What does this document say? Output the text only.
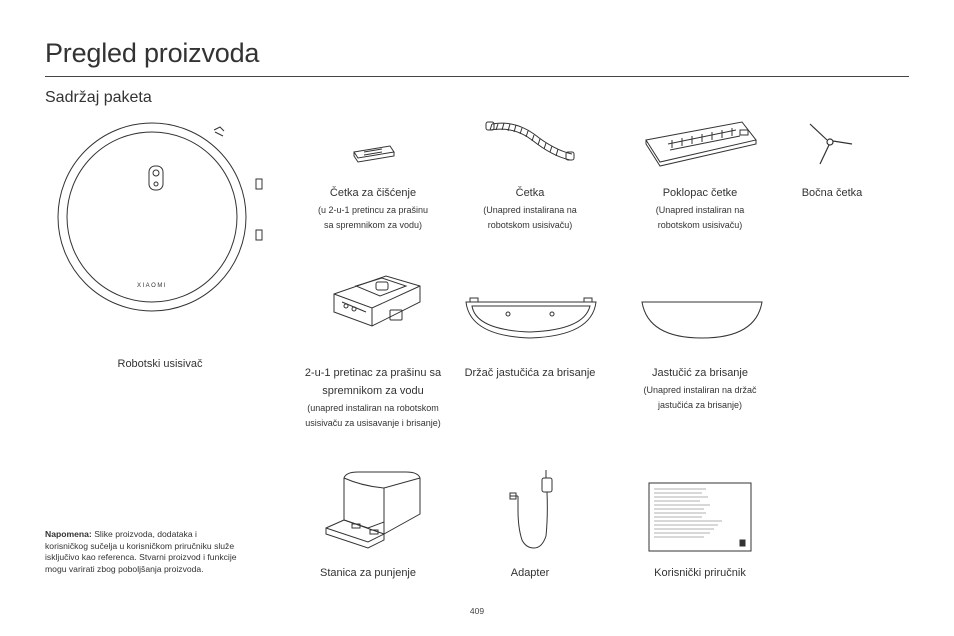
Pregled proizvoda
Sadržaj paketa
XIAOMI
Robotski usisivač
Četka za čišćenje
(u 2-u-1 pretincu za prašinu
sa spremnikom za vodu)
Četka
(Unapred instalirana na
robotskom usisivaču)
Poklopac četke
(Unapred instaliran na
robotskom usisivaču)
Bočna četka
2-u-1 pretinac za prašinu sa
spremnikom za vodu
(unapred instaliran na robotskom
usisivaču za usisavanje i brisanje)
Držač jastučića za brisanje	Jastučić za brisanje
(Unapred instaliran na držač
jastučića za brisanje)
Stanica za punjenje	Adapter	Korisnički priručnik
Napomena: Slike proizvoda, dodataka i korisničkog sučelja u korisničkom priručniku služe isključivo kao referenca. Stvarni proizvod i funkcije mogu varirati zbog poboljšanja proizvoda.
409
